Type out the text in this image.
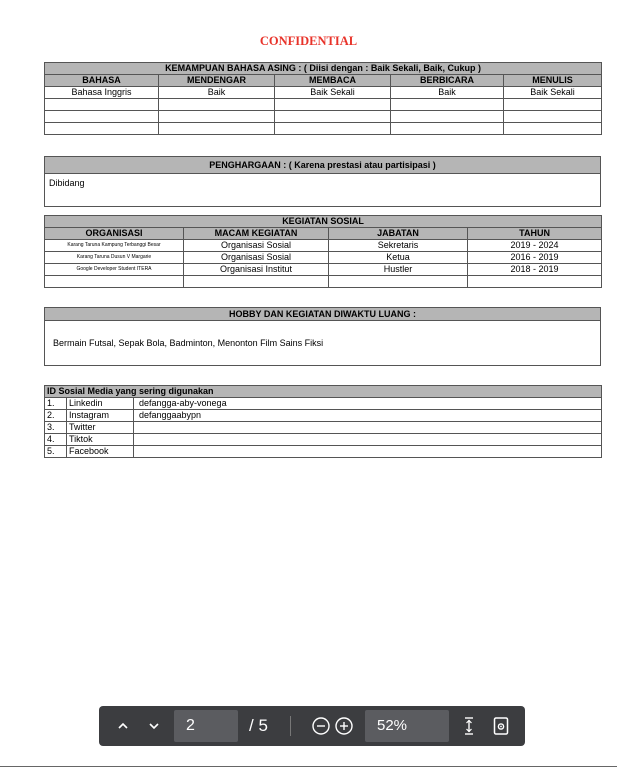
CONFIDENTIAL
KEMAMPUAN BAHASA ASING : ( Diisi dengan : Baik Sekali, Baik, Cukup )				
BAHASA	MENDENGAR	MEMBACA	BERBICARA	MENULIS
Bahasa Inggris	Baik	Baik Sekali	Baik	Baik Sekali

PENGHARGAAN : ( Karena prestasi atau partisipasi )
Dibidang
KEGIATAN SOSIAL			
ORGANISASI	MACAM KEGIATAN	JABATAN	TAHUN
Karang Taruna Kampung Terbanggi Besar	Organisasi Sosial	Sekretaris	2019 - 2024
Karang Taruna Dusun V Margarie	Organisasi Sosial	Ketua	2016 - 2019
Google Developer Student ITERA	Organisasi Institut	Hustler	2018 - 2019

HOBBY DAN KEGIATAN DIWAKTU LUANG :
Bermain Futsal, Sepak Bola, Badminton, Menonton Film Sains Fiksi
ID Sosial Media yang sering digunakan		
1.	Linkedin	defangga-aby-vonega
2.	Instagram	defanggaabypn
3.	Twitter	
4.	Tiktok	
5.	Facebook	
2	/ 5	52%
